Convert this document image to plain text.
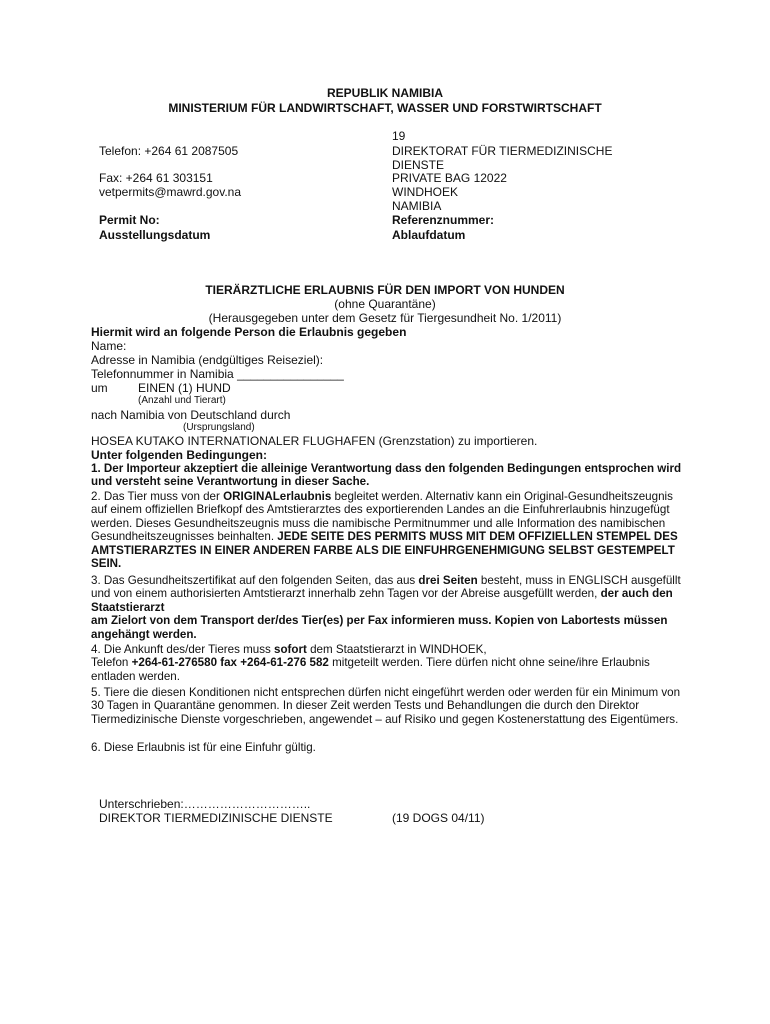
REPUBLIK NAMIBIA
MINISTERIUM FÜR LANDWIRTSCHAFT, WASSER UND FORSTWIRTSCHAFT
Telefon: +264 61 2087505
Fax: +264 61 303151
vetpermits@mawrd.gov.na
Permit No:
Ausstellungsdatum
19
DIREKTORAT FÜR TIERMEDIZINISCHE
DIENSTE
PRIVATE BAG 12022
WINDHOEK
NAMIBIA
Referenznummer:
Ablaufdatum
TIERÄRZTLICHE ERLAUBNIS FÜR DEN IMPORT VON HUNDEN
(ohne Quarantäne)
(Herausgegeben unter dem Gesetz für Tiergesundheit No. 1/2011)
Hiermit wird an folgende Person die Erlaubnis gegeben
Name:
Adresse in Namibia (endgültiges Reiseziel):
Telefonnummer in Namibia ________________
um	EINEN (1) HUND
(Anzahl und Tierart)
nach Namibia von Deutschland durch
(Ursprungsland)
HOSEA KUTAKO INTERNATIONALER FLUGHAFEN (Grenzstation) zu importieren.
Unter folgenden Bedingungen:
1. Der Importeur akzeptiert die alleinige Verantwortung dass den folgenden Bedingungen entsprochen wird und versteht seine Verantwortung in dieser Sache.
2. Das Tier muss von der ORIGINALerlaubnis begleitet werden. Alternativ kann ein Original-Gesundheitszeugnis auf einem offiziellen Briefkopf des Amtstierarztes des exportierenden Landes an die Einfuhrerlaubnis hinzugefügt werden. Dieses Gesundheitszeugnis muss die namibische Permitnummer und alle Information des namibischen Gesundheitszeugnisses beinhalten. JEDE SEITE DES PERMITS MUSS MIT DEM OFFIZIELLEN STEMPEL DES AMTSTIERARZTES IN EINER ANDEREN FARBE ALS DIE EINFUHRGENEHMIGUNG SELBST GESTEMPELT SEIN.
3. Das Gesundheitszertifikat auf den folgenden Seiten, das aus drei Seiten besteht, muss in ENGLISCH ausgefüllt und von einem authorisierten Amtstierarzt innerhalb zehn Tagen vor der Abreise ausgefüllt werden, der auch den Staatstierarzt
am Zielort von dem Transport der/des Tier(es) per Fax informieren muss. Kopien von Labortests müssen angehängt werden.
4. Die Ankunft des/der Tieres muss sofort dem Staatstierarzt in WINDHOEK,
Telefon +264-61-276580 fax +264-61-276 582 mitgeteilt werden. Tiere dürfen nicht ohne seine/ihre Erlaubnis entladen werden.
5. Tiere die diesen Konditionen nicht entsprechen dürfen nicht eingeführt werden oder werden für ein Minimum von 30 Tagen in Quarantäne genommen. In dieser Zeit werden Tests und Behandlungen die durch den Direktor Tiermedizinische Dienste vorgeschrieben, angewendet – auf Risiko und gegen Kostenerstattung des Eigentümers.
6. Diese Erlaubnis ist für eine Einfuhr gültig.
Unterschrieben:…………………………..
DIREKTOR TIERMEDIZINISCHE DIENSTE	(19 DOGS 04/11)
